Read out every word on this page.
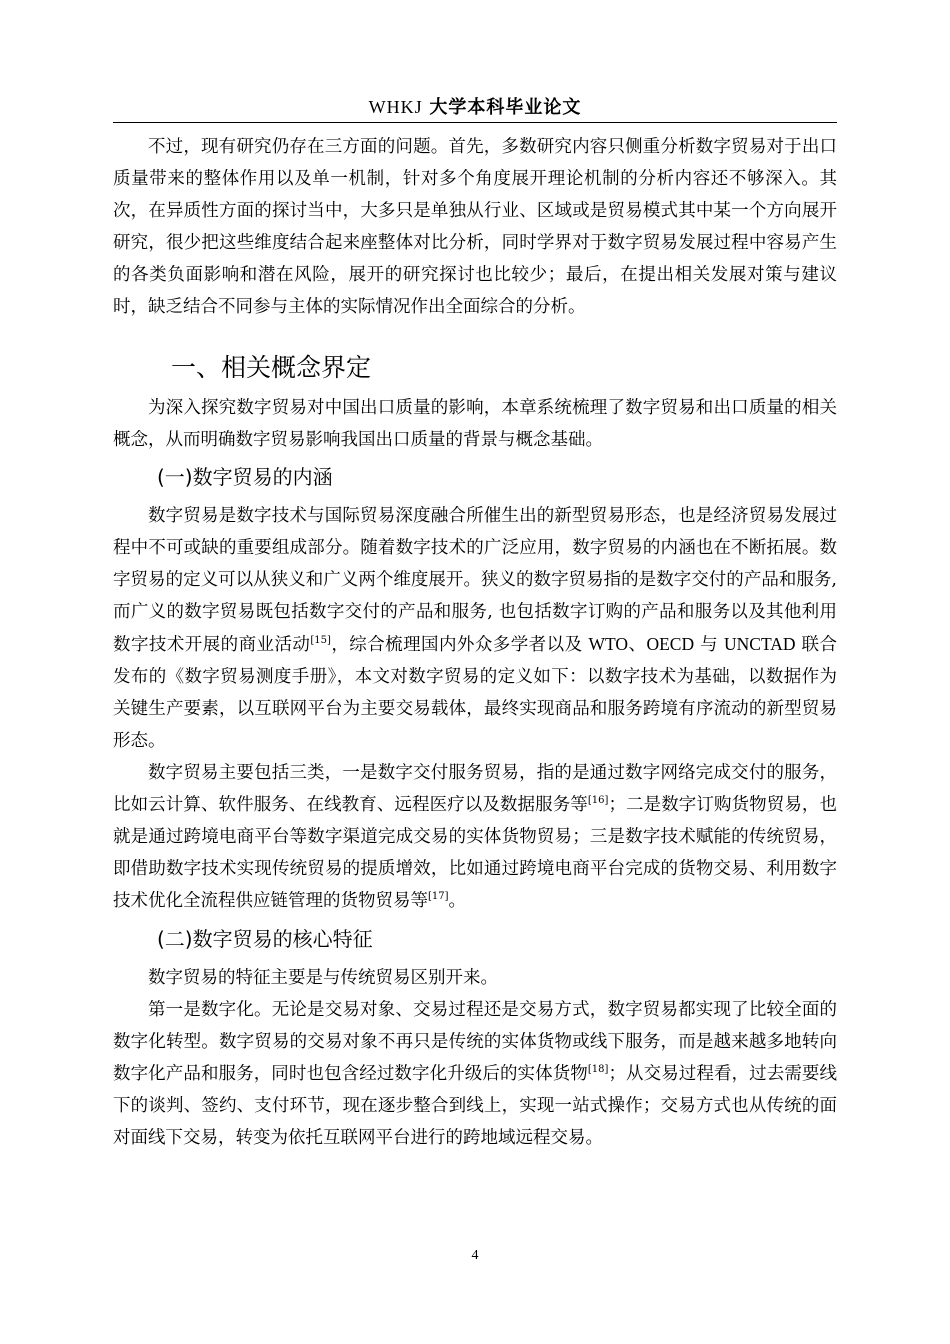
WHKJ 大学本科毕业论文

不过，现有研究仍存在三方面的问题。首先，多数研究内容只侧重分析数字贸易对于出口质量带来的整体作用以及单一机制，针对多个角度展开理论机制的分析内容还不够深入。其次，在异质性方面的探讨当中，大多只是单独从行业、区域或是贸易模式其中某一个方向展开研究，很少把这些维度结合起来座整体对比分析，同时学界对于数字贸易发展过程中容易产生的各类负面影响和潜在风险，展开的研究探讨也比较少；最后，在提出相关发展对策与建议时，缺乏结合不同参与主体的实际情况作出全面综合的分析。

一、相关概念界定

为深入探究数字贸易对中国出口质量的影响，本章系统梳理了数字贸易和出口质量的相关概念，从而明确数字贸易影响我国出口质量的背景与概念基础。

(一)数字贸易的内涵

数字贸易是数字技术与国际贸易深度融合所催生出的新型贸易形态，也是经济贸易发展过程中不可或缺的重要组成部分。随着数字技术的广泛应用，数字贸易的内涵也在不断拓展。数字贸易的定义可以从狭义和广义两个维度展开。狭义的数字贸易指的是数字交付的产品和服务, 而广义的数字贸易既包括数字交付的产品和服务, 也包括数字订购的产品和服务以及其他利用数字技术开展的商业活动[15]，综合梳理国内外众多学者以及 WTO、OECD 与 UNCTAD 联合发布的《数字贸易测度手册》，本文对数字贸易的定义如下：以数字技术为基础，以数据作为关键生产要素，以互联网平台为主要交易载体，最终实现商品和服务跨境有序流动的新型贸易形态。

数字贸易主要包括三类，一是数字交付服务贸易，指的是通过数字网络完成交付的服务，比如云计算、软件服务、在线教育、远程医疗以及数据服务等[16]；二是数字订购货物贸易，也就是通过跨境电商平台等数字渠道完成交易的实体货物贸易；三是数字技术赋能的传统贸易，即借助数字技术实现传统贸易的提质增效，比如通过跨境电商平台完成的货物交易、利用数字技术优化全流程供应链管理的货物贸易等[17]。

(二)数字贸易的核心特征

数字贸易的特征主要是与传统贸易区别开来。

第一是数字化。无论是交易对象、交易过程还是交易方式，数字贸易都实现了比较全面的数字化转型。数字贸易的交易对象不再只是传统的实体货物或线下服务，而是越来越多地转向数字化产品和服务，同时也包含经过数字化升级后的实体货物[18]；从交易过程看，过去需要线下的谈判、签约、支付环节，现在逐步整合到线上，实现一站式操作；交易方式也从传统的面对面线下交易，转变为依托互联网平台进行的跨地域远程交易。

4
